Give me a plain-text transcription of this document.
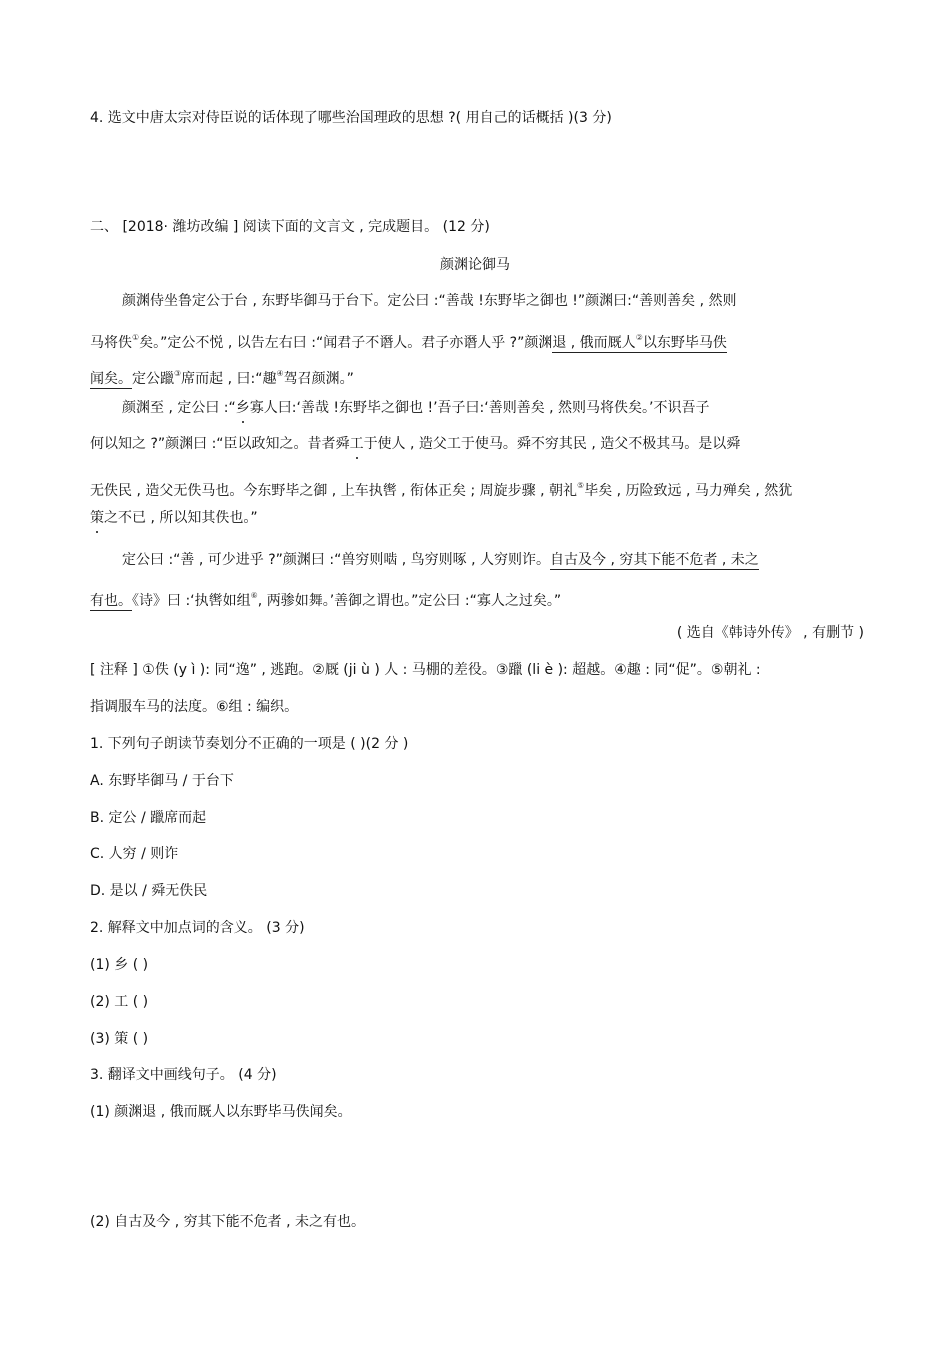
4. 选文中唐太宗对侍臣说的话体现了哪些治国理政的思想 ?( 用自己的话概括 )(3 分)
二、 [2018· 潍坊改编 ] 阅读下面的文言文 , 完成题目。 (12 分)
颜渊论御马
颜渊侍坐鲁定公于台 , 东野毕御马于台下。定公曰 :“善哉 !东野毕之御也 !”颜渊曰:“善则善矣 , 然则
马将佚①矣。”定公不悦 , 以告左右曰 :“闻君子不谮人。君子亦谮人乎 ?”颜渊退 , 俄而厩人②以东野毕马佚
闻矣。定公躐③席而起 , 曰:“趣④驾召颜渊。”
颜渊至 , 定公曰 :“乡寡人曰:‘善哉 !东野毕之御也 !’吾子曰:‘善则善矣 , 然则马将佚矣。’不识吾子
何以知之 ?”颜渊曰 :“臣以政知之。昔者舜工于使人 , 造父工于使马。舜不穷其民 , 造父不极其马。是以舜
无佚民 , 造父无佚马也。今东野毕之御 , 上车执辔 , 衔体正矣 ; 周旋步骤 , 朝礼⑤毕矣 , 历险致远 , 马力殚矣 , 然犹
策之不已 , 所以知其佚也。”
定公曰 :“善 , 可少进乎 ?”颜渊曰 :“兽穷则啮 , 鸟穷则啄 , 人穷则诈。自古及今 , 穷其下能不危者 , 未之
有也。《诗》曰 :‘执辔如组⑥, 两骖如舞。’善御之谓也。”定公曰 :“寡人之过矣。”
( 选自《韩诗外传》 , 有删节 )
[ 注释 ] ①佚 (y ì ): 同“逸” , 逃跑。②厩 (ji ù ) 人 : 马棚的差役。③躐 (li è ): 超越。④趣 : 同“促”。⑤朝礼 :
指调服车马的法度。⑥组 : 编织。
1. 下列句子朗读节奏划分不正确的一项是 ( )(2 分 )
A. 东野毕御马 / 于台下
B. 定公 / 躐席而起
C. 人穷 / 则诈
D. 是以 / 舜无佚民
2. 解释文中加点词的含义。 (3 分)
(1) 乡 ( )
(2) 工 ( )
(3) 策 ( )
3. 翻译文中画线句子。 (4 分)
(1) 颜渊退 , 俄而厩人以东野毕马佚闻矣。
(2) 自古及今 , 穷其下能不危者 , 未之有也。
